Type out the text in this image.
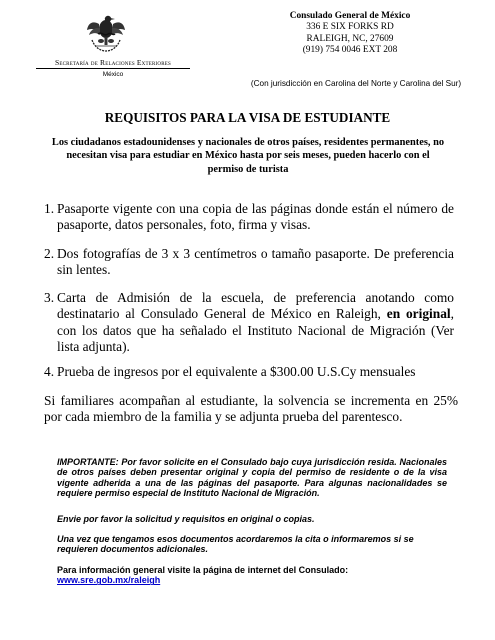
Secretaría de Relaciones Exteriores
México
Consulado General de México
336 E SIX FORKS RD
RALEIGH, NC, 27609
(919) 754 0046 EXT 208
(Con jurisdicción en Carolina del Norte y Carolina del Sur)
REQUISITOS PARA LA VISA DE ESTUDIANTE
Los ciudadanos estadounidenses y nacionales de otros países, residentes permanentes, no necesitan visa para estudiar en México hasta por seis meses, pueden hacerlo con el permiso de turista
1. Pasaporte vigente con una copia de las páginas donde están el número de pasaporte, datos personales, foto, firma y visas.
2. Dos fotografías de 3 x 3 centímetros o tamaño pasaporte. De preferencia sin lentes.
3. Carta de Admisión de la escuela, de preferencia anotando como destinatario al Consulado General de México en Raleigh, en original, con los datos que ha señalado el Instituto Nacional de Migración (Ver lista adjunta).
4. Prueba de ingresos por el equivalente a $300.00 U.S.Cy mensuales
Si familiares acompañan al estudiante, la solvencia se incrementa en 25% por cada miembro de la familia y se adjunta prueba del parentesco.
IMPORTANTE: Por favor solicite en el Consulado bajo cuya jurisdicción resida. Nacionales de otros países deben presentar original y copia del permiso de residente o de la visa vigente adherida a una de las páginas del pasaporte. Para algunas nacionalidades se requiere permiso especial de Instituto Nacional de Migración.
Envie por favor la solicitud y requisitos en original o copias.
Una vez que tengamos esos documentos acordaremos la cita o informaremos si se requieren documentos adicionales.
Para información general visite la página de internet del Consulado:
www.sre.gob.mx/raleigh
